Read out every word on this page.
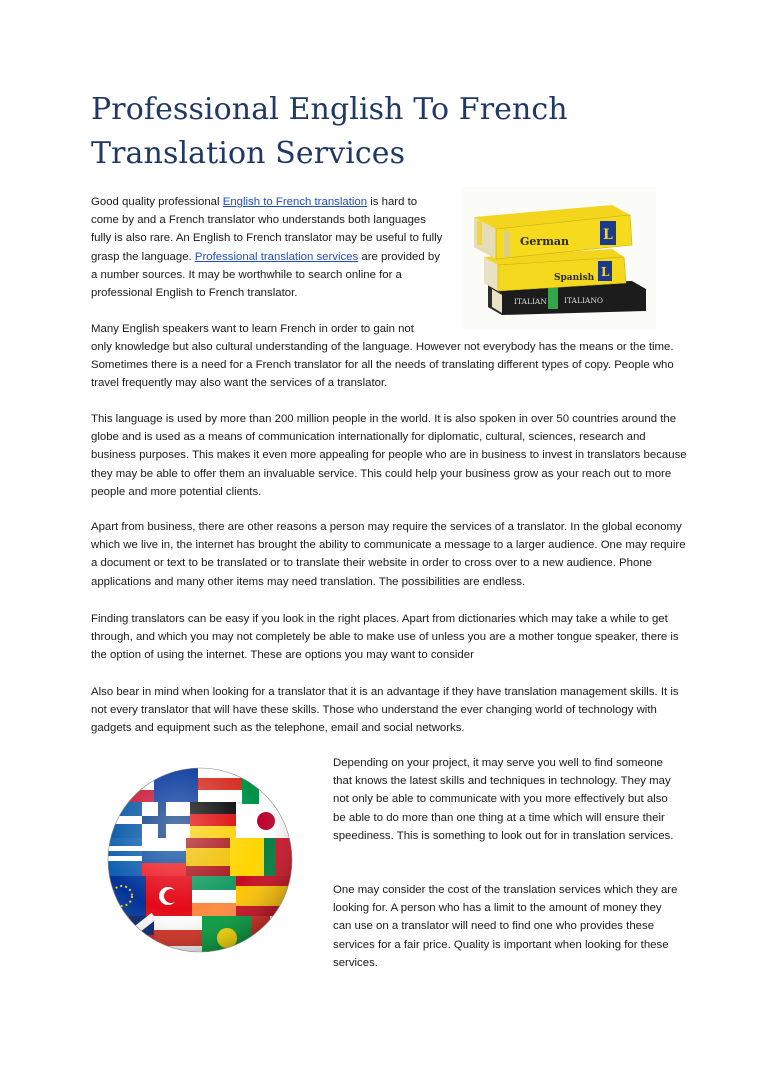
Professional English To French Translation Services

Good quality professional English to French translation is hard to come by and a French translator who understands both languages fully is also rare. An English to French translator may be useful to fully grasp the language. Professional translation services are provided by a number sources. It may be worthwhile to search online for a professional English to French translator.

ITALIAN ITALIANO
Spanish L
German L

Many English speakers want to learn French in order to gain not

only knowledge but also cultural understanding of the language. However not everybody has the means or the time. Sometimes there is a need for a French translator for all the needs of translating different types of copy. People who travel frequently may also want the services of a translator.

This language is used by more than 200 million people in the world. It is also spoken in over 50 countries around the globe and is used as a means of communication internationally for diplomatic, cultural, sciences, research and business purposes. This makes it even more appealing for people who are in business to invest in translators because they may be able to offer them an invaluable service. This could help your business grow as your reach out to more people and more potential clients.

Apart from business, there are other reasons a person may require the services of a translator. In the global economy which we live in, the internet has brought the ability to communicate a message to a larger audience. One may require a document or text to be translated or to translate their website in order to cross over to a new audience. Phone applications and many other items may need translation. The possibilities are endless.

Finding translators can be easy if you look in the right places. Apart from dictionaries which may take a while to get through, and which you may not completely be able to make use of unless you are a mother tongue speaker, there is the option of using the internet. These are options you may want to consider

Also bear in mind when looking for a translator that it is an advantage if they have translation management skills. It is not every translator that will have these skills. Those who understand the ever changing world of technology with gadgets and equipment such as the telephone, email and social networks.

Depending on your project, it may serve you well to find someone that knows the latest skills and techniques in technology. They may not only be able to communicate with you more effectively but also be able to do more than one thing at a time which will ensure their speediness. This is something to look out for in translation services.

One may consider the cost of the translation services which they are looking for. A person who has a limit to the amount of money they can use on a translator will need to find one who provides these services for a fair price. Quality is important when looking for these services.
